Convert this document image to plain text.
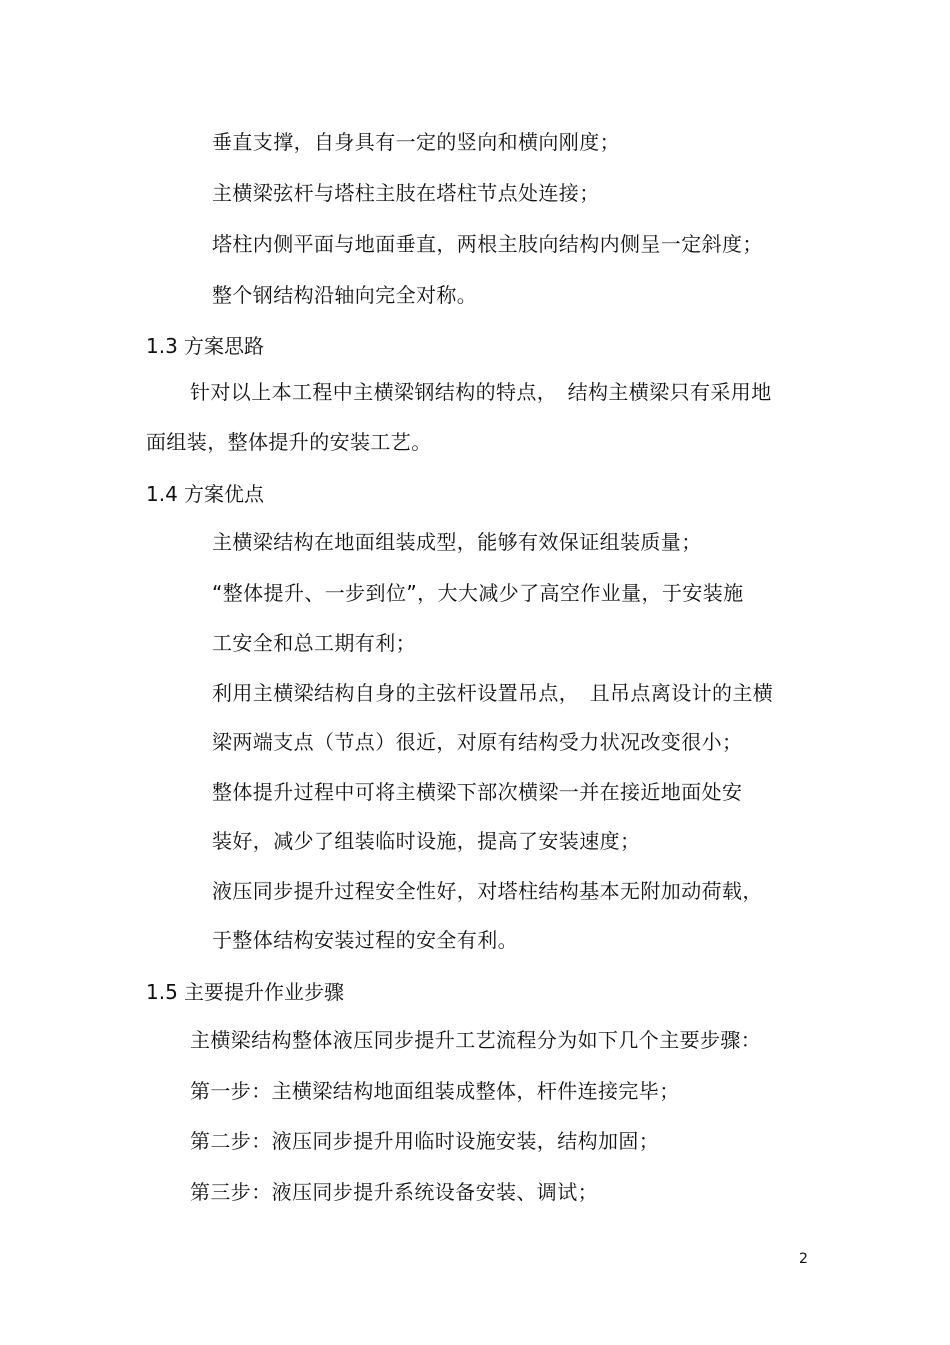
垂直支撑，自身具有一定的竖向和横向刚度；
主横梁弦杆与塔柱主肢在塔柱节点处连接；
塔柱内侧平面与地面垂直，两根主肢向结构内侧呈一定斜度；
整个钢结构沿轴向完全对称。
1.3 方案思路
针对以上本工程中主横梁钢结构的特点，　结构主横梁只有采用地
面组装，整体提升的安装工艺。
1.4 方案优点
主横梁结构在地面组装成型，能够有效保证组装质量；
“整体提升、一步到位”，大大减少了高空作业量，于安装施
工安全和总工期有利；
利用主横梁结构自身的主弦杆设置吊点，　且吊点离设计的主横
梁两端支点（节点）很近，对原有结构受力状况改变很小；
整体提升过程中可将主横梁下部次横梁一并在接近地面处安
装好，减少了组装临时设施，提高了安装速度；
液压同步提升过程安全性好，对塔柱结构基本无附加动荷载，
于整体结构安装过程的安全有利。
1.5 主要提升作业步骤
主横梁结构整体液压同步提升工艺流程分为如下几个主要步骤：
第一步：主横梁结构地面组装成整体，杆件连接完毕；
第二步：液压同步提升用临时设施安装，结构加固；
第三步：液压同步提升系统设备安装、调试；
2
